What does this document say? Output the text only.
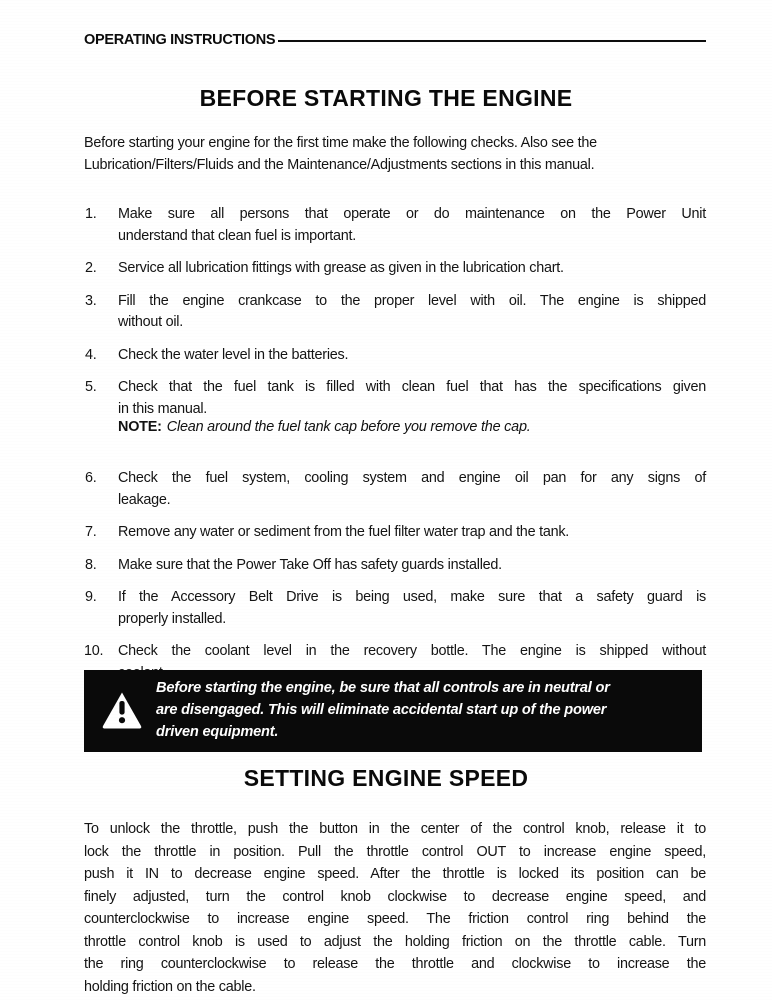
OPERATING INSTRUCTIONS
BEFORE STARTING THE ENGINE
Before starting your engine for the first time make the following checks. Also see the
Lubrication/Filters/Fluids and the Maintenance/Adjustments sections in this manual.
1.	Make sure all persons that operate or do maintenance on the Power Unit
understand that clean fuel is important.
2.	Service all lubrication fittings with grease as given in the lubrication chart.
3.	Fill the engine crankcase to the proper level with oil. The engine is shipped
without oil.
4.	Check the water level in the batteries.
5.	Check that the fuel tank is filled with clean fuel that has the specifications given
in this manual.
NOTE: Clean around the fuel tank cap before you remove the cap.
6.	Check the fuel system, cooling system and engine oil pan for any signs of
leakage.
7.	Remove any water or sediment from the fuel filter water trap and the tank.
8.	Make sure that the Power Take Off has safety guards installed.
9.	If the Accessory Belt Drive is being used, make sure that a safety guard is
properly installed.
10.	Check the coolant level in the recovery bottle. The engine is shipped without
Before starting the engine, be sure that all controls are in neutral or
are disengaged. This will eliminate accidental start up of the power
driven equipment.
SETTING ENGINE SPEED
To unlock the throttle, push the button in the center of the control knob, release it to
lock the throttle in position. Pull the throttle control OUT to increase engine speed,
push it IN to decrease engine speed. After the throttle is locked its position can be
finely adjusted, turn the control knob clockwise to decrease engine speed, and
counterclockwise to increase engine speed. The friction control ring behind the
throttle control knob is used to adjust the holding friction on the throttle cable. Turn
the ring counterclockwise to release the throttle and clockwise to increase the
holding friction on the cable.
